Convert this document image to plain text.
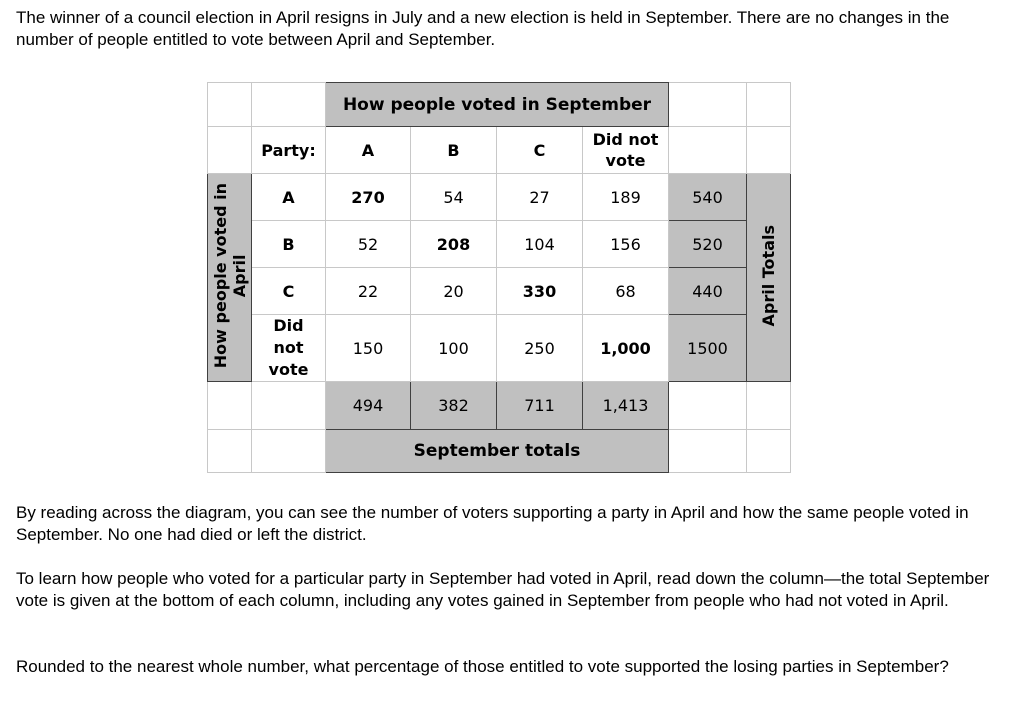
The winner of a council election in April resigns in July and a new election is held in September. There are no changes in the number of people entitled to vote between April and September.

		How people voted in September					
	Party:	A	B	C	Did not vote		
How people voted in
April	A	270	54	27	189	540	April Totals
	B	52	208	104	156	520	
	C	22	20	330	68	440	
	Did not vote	150	100	250	1,000	1500	
		494	382	711	1,413		
		September totals					

By reading across the diagram, you can see the number of voters supporting a party in April and how the same people voted in September. No one had died or left the district.

To learn how people who voted for a particular party in September had voted in April, read down the column—the total September vote is given at the bottom of each column, including any votes gained in September from people who had not voted in April.

Rounded to the nearest whole number, what percentage of those entitled to vote supported the losing parties in September?
